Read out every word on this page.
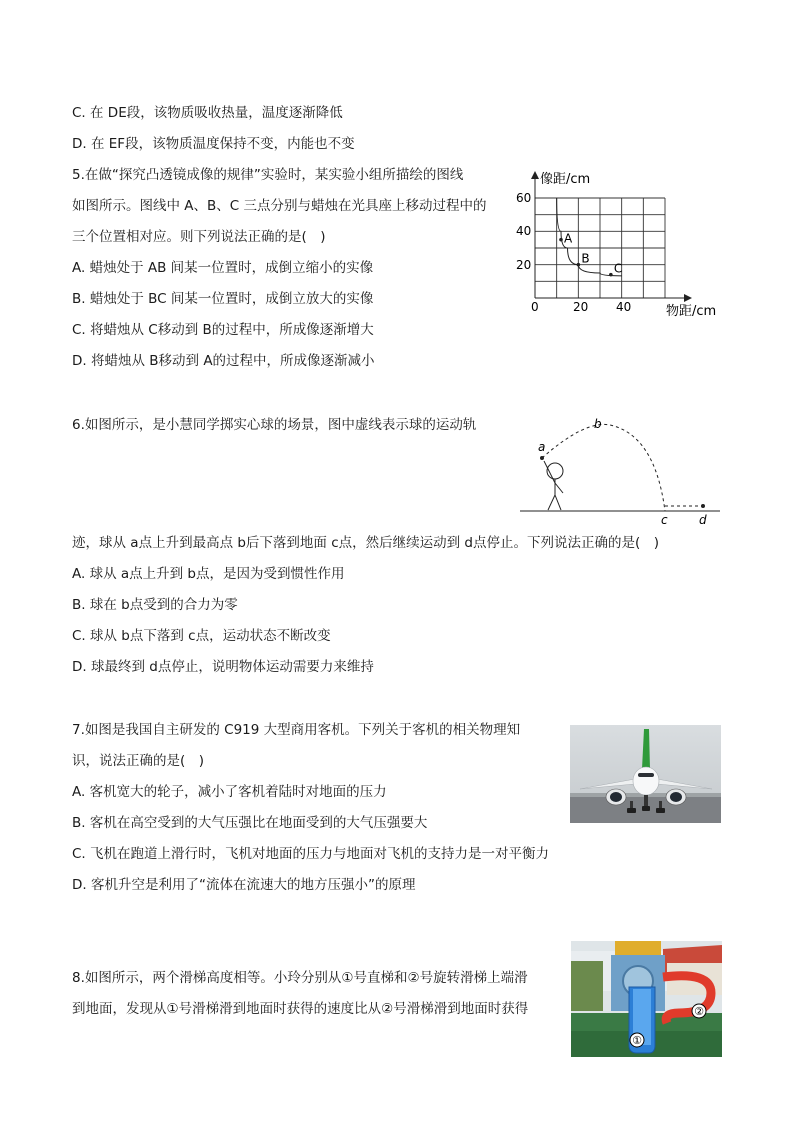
C. 在 DE段，该物质吸收热量，温度逐渐降低
D. 在 EF段，该物质温度保持不变，内能也不变
5.在做“探究凸透镜成像的规律”实验时，某实验小组所描绘的图线
如图所示。图线中 A、B、C 三点分别与蜡烛在光具座上移动过程中的
三个位置相对应。则下列说法正确的是(　)
A. 蜡烛处于 AB 间某一位置时，成倒立缩小的实像
B. 蜡烛处于 BC 间某一位置时，成倒立放大的实像
C. 将蜡烛从 C移动到 B的过程中，所成像逐渐增大
D. 将蜡烛从 B移动到 A的过程中，所成像逐渐减小
A
B
C
像距/cm
物距/cm
0	20 40
20
40
60
6.如图所示，是小慧同学掷实心球的场景，图中虚线表示球的运动轨
a
b
c	d
迹，球从 a点上升到最高点 b后下落到地面 c点，然后继续运动到 d点停止。下列说法正确的是(　)
A. 球从 a点上升到 b点，是因为受到惯性作用
B. 球在 b点受到的合力为零
C. 球从 b点下落到 c点，运动状态不断改变
D. 球最终到 d点停止，说明物体运动需要力来维持
7.如图是我国自主研发的 C919 大型商用客机。下列关于客机的相关物理知
识，说法正确的是(　)
A. 客机宽大的轮子，减小了客机着陆时对地面的压力
B. 客机在高空受到的大气压强比在地面受到的大气压强要大
C. 飞机在跑道上滑行时，飞机对地面的压力与地面对飞机的支持力是一对平衡力
D. 客机升空是利用了“流体在流速大的地方压强小”的原理
8.如图所示，两个滑梯高度相等。小玲分别从①号直梯和②号旋转滑梯上端滑
到地面，发现从①号滑梯滑到地面时获得的速度比从②号滑梯滑到地面时获得
①
②
